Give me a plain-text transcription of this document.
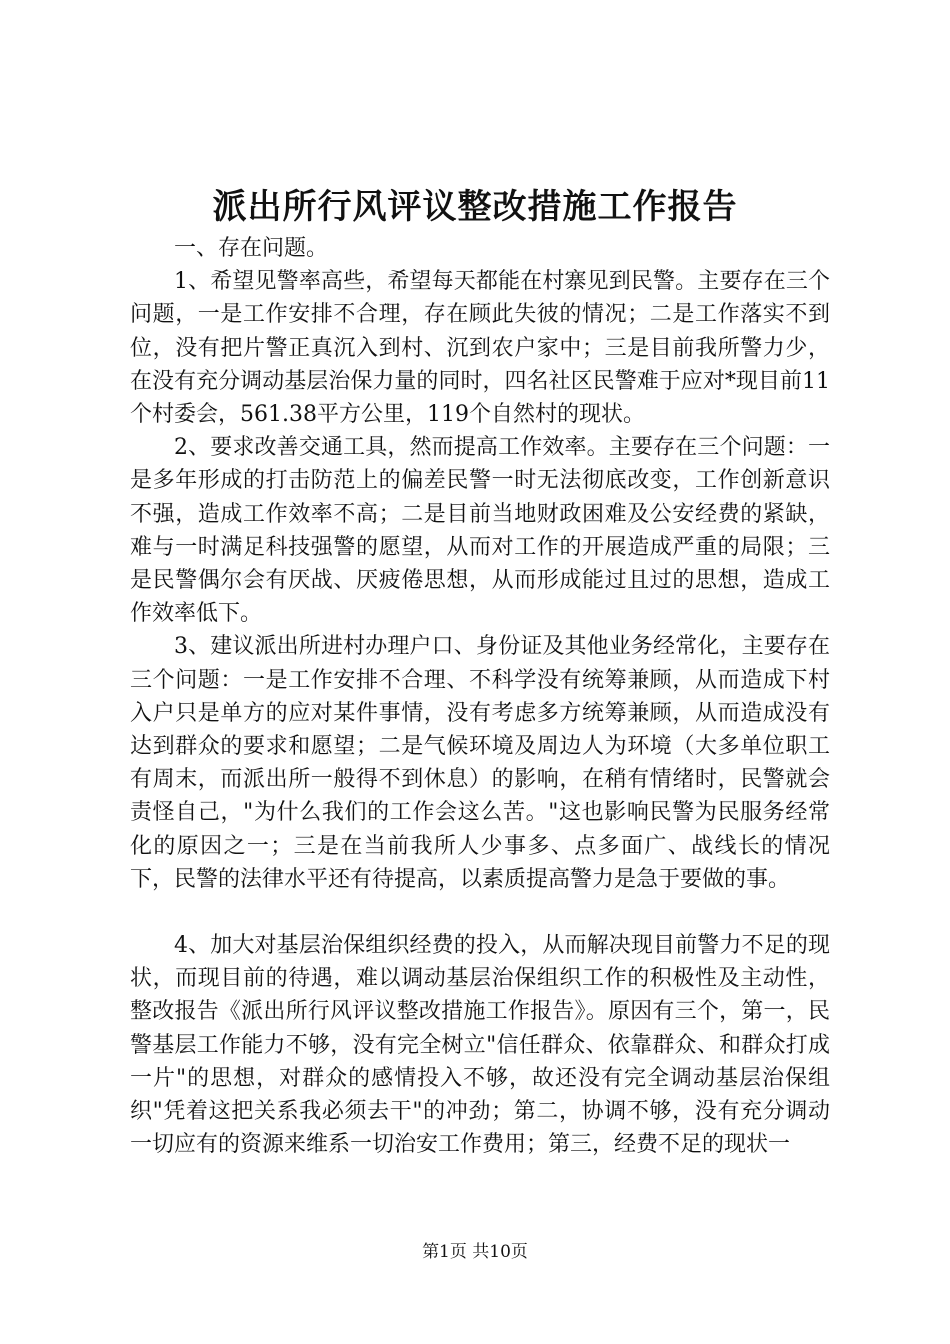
派出所行风评议整改措施工作报告

一、存在问题。

1、希望见警率高些，希望每天都能在村寨见到民警。主要存在三个问题，一是工作安排不合理，存在顾此失彼的情况；二是工作落实不到位，没有把片警正真沉入到村、沉到农户家中；三是目前我所警力少，在没有充分调动基层治保力量的同时，四名社区民警难于应对*现目前11个村委会，561.38平方公里，119个自然村的现状。

2、要求改善交通工具，然而提高工作效率。主要存在三个问题：一是多年形成的打击防范上的偏差民警一时无法彻底改变，工作创新意识不强，造成工作效率不高；二是目前当地财政困难及公安经费的紧缺，难与一时满足科技强警的愿望，从而对工作的开展造成严重的局限；三是民警偶尔会有厌战、厌疲倦思想，从而形成能过且过的思想，造成工作效率低下。

3、建议派出所进村办理户口、身份证及其他业务经常化，主要存在三个问题：一是工作安排不合理、不科学没有统筹兼顾，从而造成下村入户只是单方的应对某件事情，没有考虑多方统筹兼顾，从而造成没有达到群众的要求和愿望；二是气候环境及周边人为环境（大多单位职工有周末，而派出所一般得不到休息）的影响，在稍有情绪时，民警就会责怪自己，"为什么我们的工作会这么苦。"这也影响民警为民服务经常化的原因之一；三是在当前我所人少事多、点多面广、战线长的情况下，民警的法律水平还有待提高，以素质提高警力是急于要做的事。

4、加大对基层治保组织经费的投入，从而解决现目前警力不足的现状，而现目前的待遇，难以调动基层治保组织工作的积极性及主动性，整改报告《派出所行风评议整改措施工作报告》。原因有三个，第一，民警基层工作能力不够，没有完全树立"信任群众、依靠群众、和群众打成一片"的思想，对群众的感情投入不够，故还没有完全调动基层治保组织"凭着这把关系我必须去干"的冲劲；第二，协调不够，没有充分调动一切应有的资源来维系一切治安工作费用；第三，经费不足的现状一

第1页 共10页
